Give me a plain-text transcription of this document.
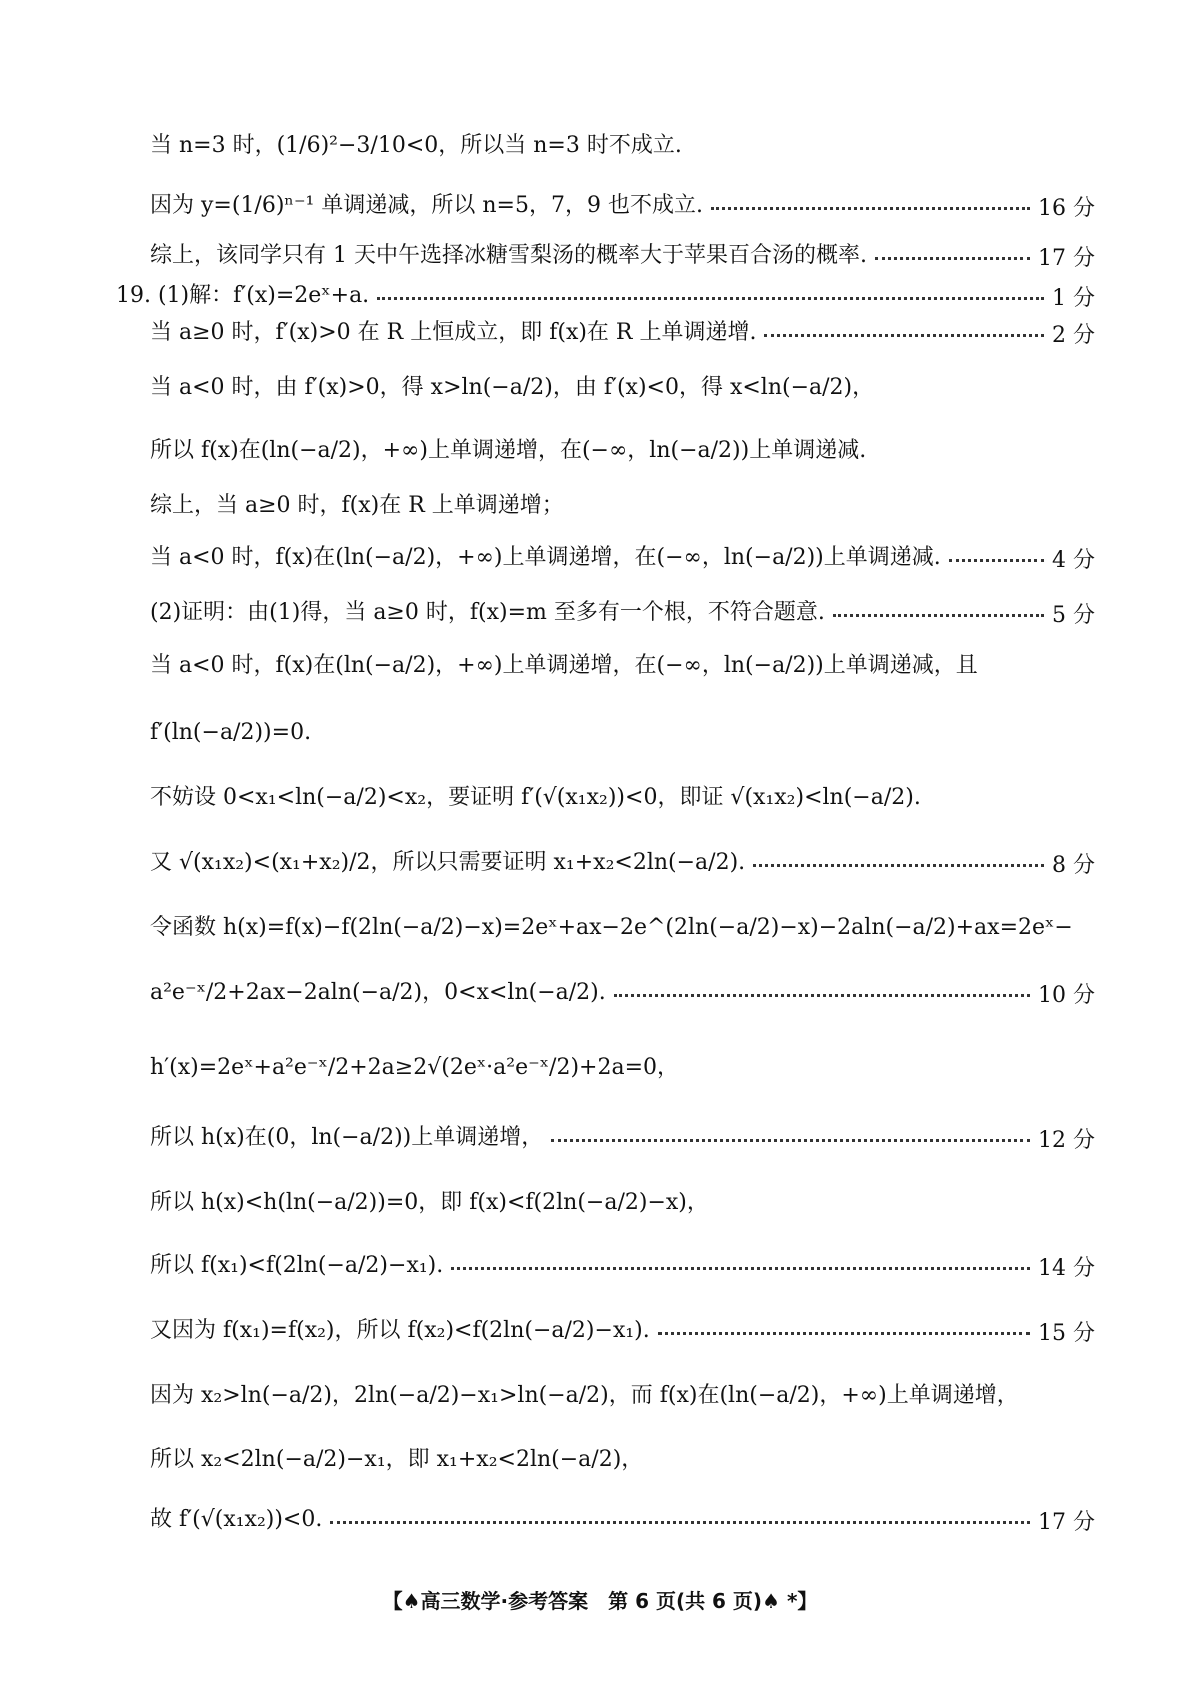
当 n=3 时，(1/6)²−3/10<0，所以当 n=3 时不成立.
因为 y=(1/6)ⁿ⁻¹ 单调递减，所以 n=5，7，9 也不成立.	16 分
综上，该同学只有 1 天中午选择冰糖雪梨汤的概率大于苹果百合汤的概率.	17 分
19. (1)解：f′(x)=2eˣ+a.	1 分
当 a≥0 时，f′(x)>0 在 R 上恒成立，即 f(x)在 R 上单调递增.	2 分
当 a<0 时，由 f′(x)>0，得 x>ln(−a/2)，由 f′(x)<0，得 x<ln(−a/2)，
所以 f(x)在(ln(−a/2)，+∞)上单调递增，在(−∞，ln(−a/2))上单调递减.
综上，当 a≥0 时，f(x)在 R 上单调递增；
当 a<0 时，f(x)在(ln(−a/2)，+∞)上单调递增，在(−∞，ln(−a/2))上单调递减.	4 分
(2)证明：由(1)得，当 a≥0 时，f(x)=m 至多有一个根，不符合题意.	5 分
当 a<0 时，f(x)在(ln(−a/2)，+∞)上单调递增，在(−∞，ln(−a/2))上单调递减，且
f′(ln(−a/2))=0.
不妨设 0<x₁<ln(−a/2)<x₂，要证明 f′(√(x₁x₂))<0，即证 √(x₁x₂)<ln(−a/2).
又 √(x₁x₂)<(x₁+x₂)/2，所以只需要证明 x₁+x₂<2ln(−a/2).	8 分
令函数 h(x)=f(x)−f(2ln(−a/2)−x)=2eˣ+ax−2e^(2ln(−a/2)−x)−2aln(−a/2)+ax=2eˣ−
a²e⁻ˣ/2+2ax−2aln(−a/2)，0<x<ln(−a/2).	10 分
h′(x)=2eˣ+a²e⁻ˣ/2+2a≥2√(2eˣ·a²e⁻ˣ/2)+2a=0，
所以 h(x)在(0，ln(−a/2))上单调递增，	12 分
所以 h(x)<h(ln(−a/2))=0，即 f(x)<f(2ln(−a/2)−x)，
所以 f(x₁)<f(2ln(−a/2)−x₁).	14 分
又因为 f(x₁)=f(x₂)，所以 f(x₂)<f(2ln(−a/2)−x₁).	15 分
因为 x₂>ln(−a/2)，2ln(−a/2)−x₁>ln(−a/2)，而 f(x)在(ln(−a/2)，+∞)上单调递增，
所以 x₂<2ln(−a/2)−x₁，即 x₁+x₂<2ln(−a/2)，
故 f′(√(x₁x₂))<0.	17 分
【♠高三数学·参考答案　第 6 页(共 6 页)♠ *】
